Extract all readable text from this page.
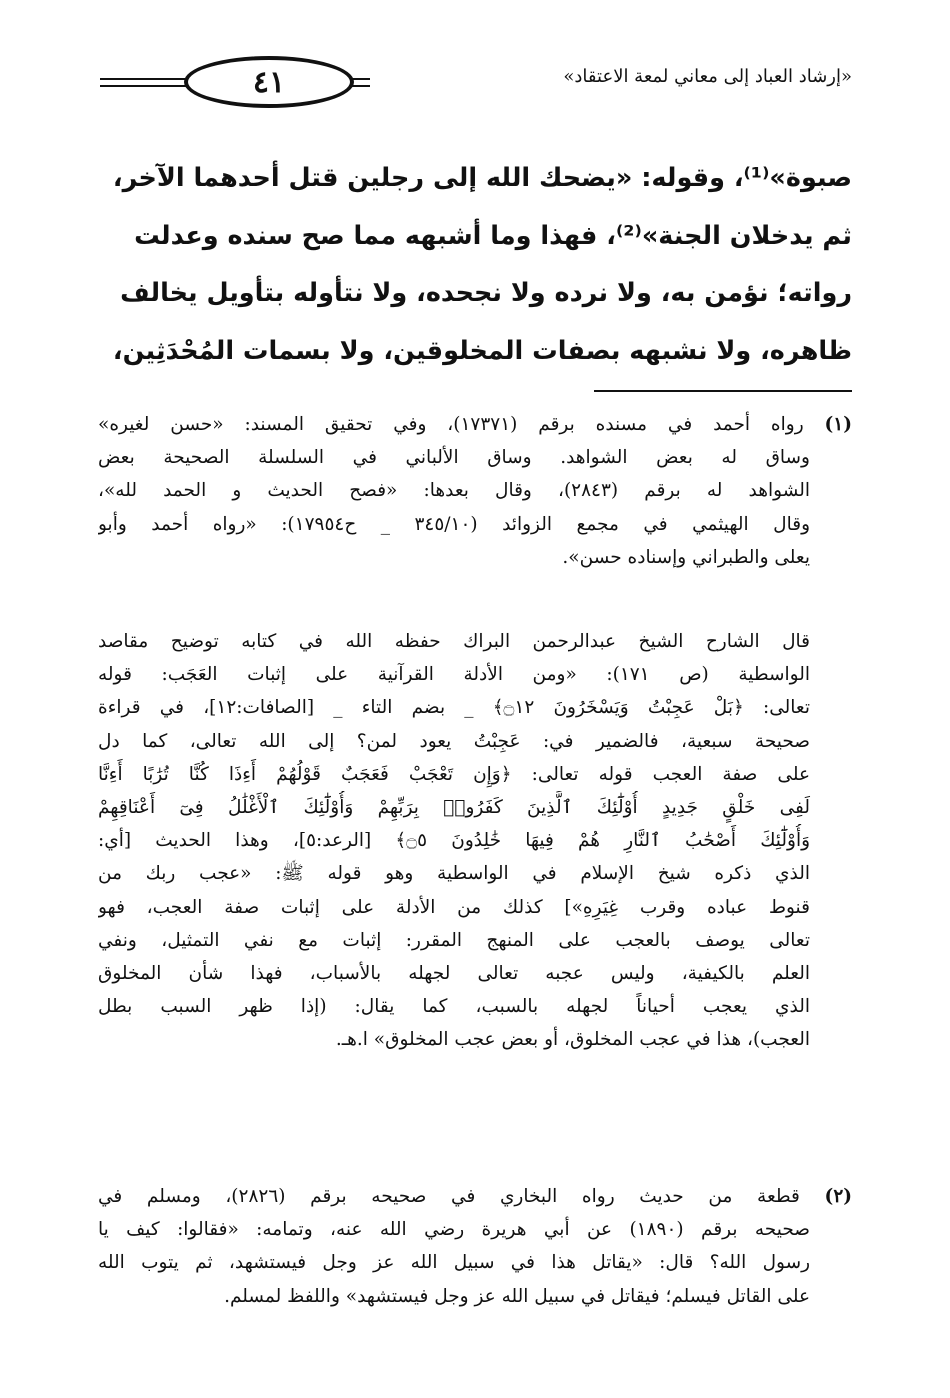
٤١	«إرشاد العباد إلى معاني لمعة الاعتقاد»
صبوة»⁽¹⁾، وقوله: «يضحك الله إلى رجلين قتل أحدهما الآخر،
ثم يدخلان الجنة»⁽²⁾، فهذا وما أشبهه مما صح سنده وعدلت
رواته؛ نؤمن به، ولا نرده ولا نجحده، ولا نتأوله بتأويل يخالف
ظاهره، ولا نشبهه بصفات المخلوقين، ولا بسمات المُحْدَثِين،
(١) رواه أحمد في مسنده برقم (١٧٣٧١)، وفي تحقيق المسند: «حسن لغيره»
وساق له بعض الشواهد. وساق الألباني في السلسلة الصحيحة بعض
الشواهد له برقم (٢٨٤٣)، وقال بعدها: «فصح الحديث و الحمد لله»،
وقال الهيثمي في مجمع الزوائد (٣٤٥/١٠ _ ح١٧٩٥٤): «رواه أحمد وأبو
يعلى والطبراني وإسناده حسن».
قال الشارح الشيخ عبدالرحمن البراك حفظه الله في كتابه توضيح مقاصد
الواسطية (ص ١٧١): «ومن الأدلة القرآنية على إثبات العَجَب: قوله
تعالى: ﴿بَلْ عَجِبْتُ وَيَسْخَرُونَ ۝١٢﴾ _ بضم التاء _ [الصافات:١٢]، في قراءة
صحيحة سبعية، فالضمير في: عَجِبْتُ يعود لمن؟ إلى الله تعالى، كما دل
على صفة العجب قوله تعالى: ﴿وَإِن تَعْجَبْ فَعَجَبٌ قَوْلُهُمْ أَءِذَا كُنَّا تُرَٰبًا أَءِنَّا
لَفِى خَلْقٍ جَدِيدٍ أُوْلَٰٓئِكَ ٱلَّذِينَ كَفَرُوا۟ بِرَبِّهِمْ وَأُوْلَٰٓئِكَ ٱلْأَغْلَٰلُ فِىٓ أَعْنَاقِهِمْ
وَأُوْلَٰٓئِكَ أَصْحَٰبُ ٱلنَّارِ هُمْ فِيهَا خَٰلِدُونَ ۝٥﴾ [الرعد:٥]، وهذا الحديث [أي:
الذي ذكره شيخ الإسلام في الواسطية وهو قوله ﷺ: «عجب ربك من
قنوط عباده وقرب غِيَرِهِ»] كذلك من الأدلة على إثبات صفة العجب، فهو
تعالى يوصف بالعجب على المنهج المقرر: إثبات مع نفي التمثيل، ونفي
العلم بالكيفية، وليس عجبه تعالى لجهله بالأسباب، فهذا شأن المخلوق
الذي يعجب أحياناً لجهله بالسبب، كما يقال: (إذا ظهر السبب بطل
العجب)، هذا في عجب المخلوق، أو بعض عجب المخلوق» ا.هـ.
(٢) قطعة من حديث رواه البخاري في صحيحه برقم (٢٨٢٦)، ومسلم في
صحيحه برقم (١٨٩٠) عن أبي هريرة رضي الله عنه، وتمامه: «فقالوا: كيف يا
رسول الله؟ قال: «يقاتل هذا في سبيل الله عز وجل فيستشهد، ثم يتوب الله
على القاتل فيسلم؛ فيقاتل في سبيل الله عز وجل فيستشهد» واللفظ لمسلم.
